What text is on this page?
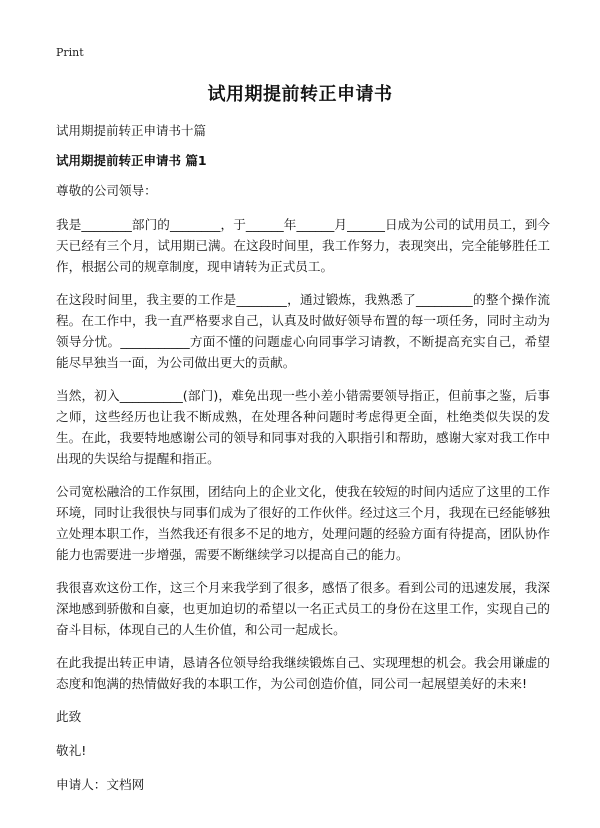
Print
试用期提前转正申请书
试用期提前转正申请书十篇
试用期提前转正申请书 篇1

尊敬的公司领导：

我是________部门的________，于______年______月______日成为公司的试用员工，到今天已经有三个月，试用期已满。在这段时间里，我工作努力，表现突出，完全能够胜任工作，根据公司的规章制度，现申请转为正式员工。

在这段时间里，我主要的工作是________，通过锻炼，我熟悉了_________的整个操作流程。在工作中，我一直严格要求自己，认真及时做好领导布置的每一项任务，同时主动为领导分忧。___________方面不懂的问题虚心向同事学习请教，不断提高充实自己，希望能尽早独当一面，为公司做出更大的贡献。

当然，初入__________(部门)，难免出现一些小差小错需要领导指正，但前事之鉴，后事之师，这些经历也让我不断成熟，在处理各种问题时考虑得更全面，杜绝类似失误的发生。在此，我要特地感谢公司的领导和同事对我的入职指引和帮助，感谢大家对我工作中出现的失误给与提醒和指正。

公司宽松融洽的工作氛围，团结向上的企业文化，使我在较短的时间内适应了这里的工作环境，同时让我很快与同事们成为了很好的工作伙伴。经过这三个月，我现在已经能够独立处理本职工作，当然我还有很多不足的地方，处理问题的经验方面有待提高，团队协作能力也需要进一步增强，需要不断继续学习以提高自己的能力。

我很喜欢这份工作，这三个月来我学到了很多，感悟了很多。看到公司的迅速发展，我深深地感到骄傲和自豪，也更加迫切的希望以一名正式员工的身份在这里工作，实现自己的奋斗目标，体现自己的人生价值，和公司一起成长。

在此我提出转正申请，恳请各位领导给我继续锻炼自己、实现理想的机会。我会用谦虚的态度和饱满的热情做好我的本职工作，为公司创造价值，同公司一起展望美好的未来!

此致

敬礼!

申请人：文档网
